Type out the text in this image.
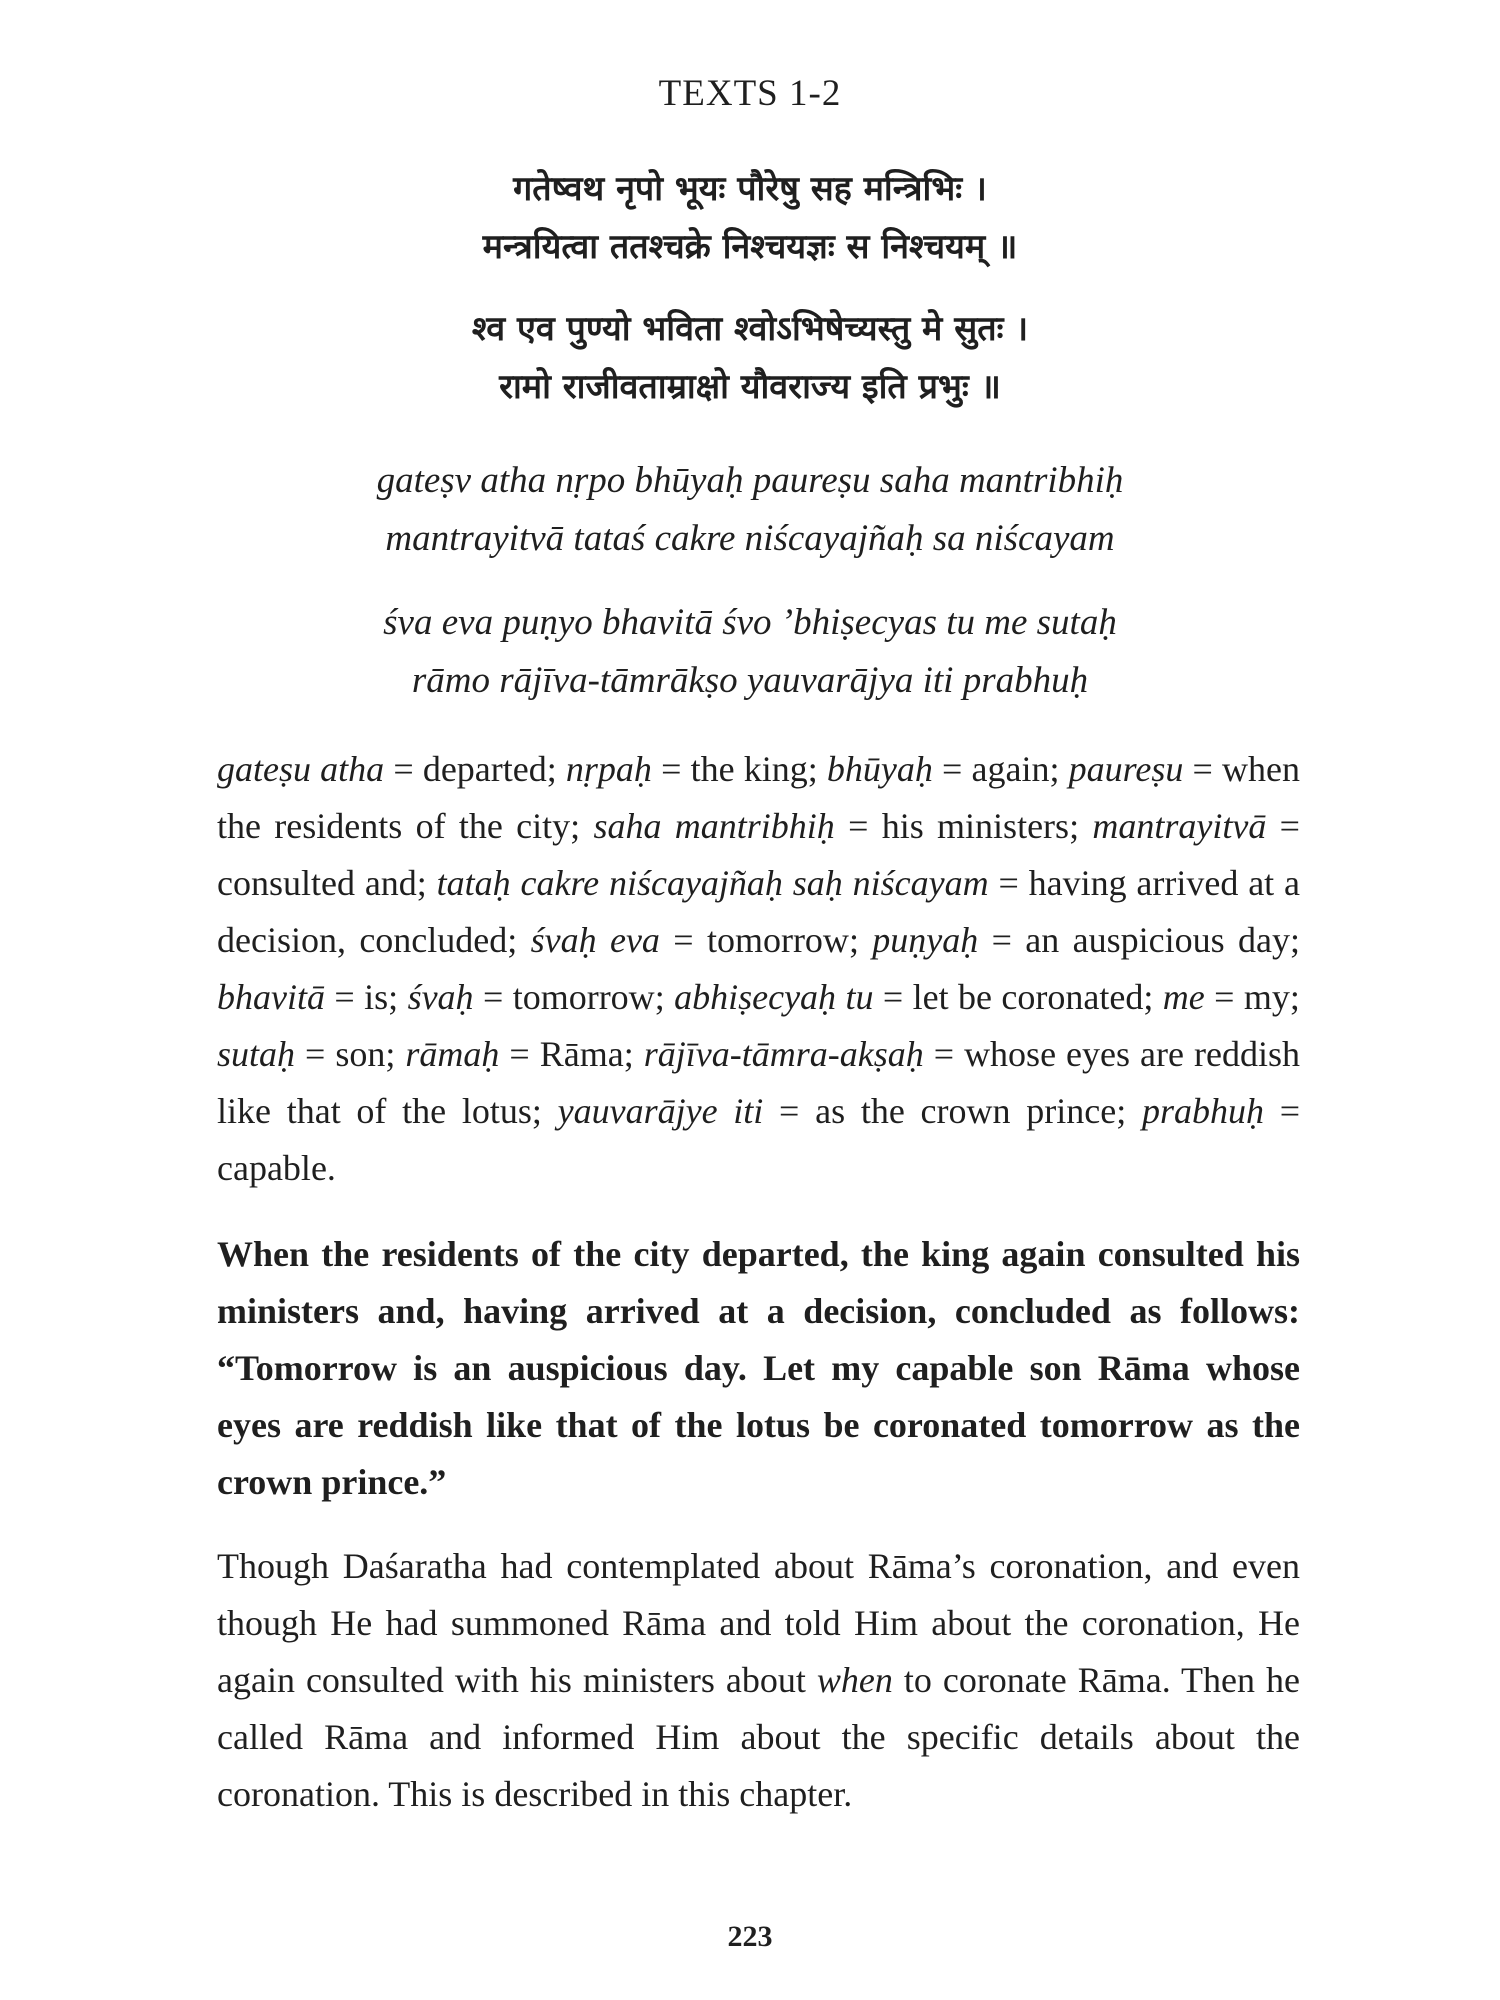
TEXTS 1-2
गतेष्वथ नृपो भूयः पौरेषु सह मन्त्रिभिः ।
मन्त्रयित्वा ततश्चक्रे निश्चयज्ञः स निश्चयम् ॥
श्व एव पुण्यो भविता श्वोऽभिषेच्यस्तु मे सुतः ।
रामो राजीवताम्राक्षो यौवराज्य इति प्रभुः ॥
gateṣv atha nṛpo bhūyaḥ paureṣu saha mantribhiḥ
mantrayitvā tataś cakre niścayajñaḥ sa niścayam
śva eva puṇyo bhavitā śvo ’bhiṣecyas tu me sutaḥ
rāmo rājīva-tāmrākṣo yauvarājya iti prabhuḥ
gateṣu atha = departed; nṛpaḥ = the king; bhūyaḥ = again; paureṣu = when the residents of the city; saha mantribhiḥ = his ministers; mantrayitvā = consulted and; tataḥ cakre niścayajñaḥ saḥ niścayam = having arrived at a decision, concluded; śvaḥ eva = tomorrow; puṇyaḥ = an auspicious day; bhavitā = is; śvaḥ = tomorrow; abhiṣecyaḥ tu = let be coronated; me = my; sutaḥ = son; rāmaḥ = Rāma; rājīva-tāmra-akṣaḥ = whose eyes are reddish like that of the lotus; yauvarājye iti = as the crown prince; prabhuḥ = capable.
When the residents of the city departed, the king again consulted his ministers and, having arrived at a decision, concluded as follows: “Tomorrow is an auspicious day. Let my capable son Rāma whose eyes are reddish like that of the lotus be coronated tomorrow as the crown prince.”
Though Daśaratha had contemplated about Rāma’s coronation, and even though He had summoned Rāma and told Him about the coronation, He again consulted with his ministers about when to coronate Rāma. Then he called Rāma and informed Him about the specific details about the coronation. This is described in this chapter.
223
